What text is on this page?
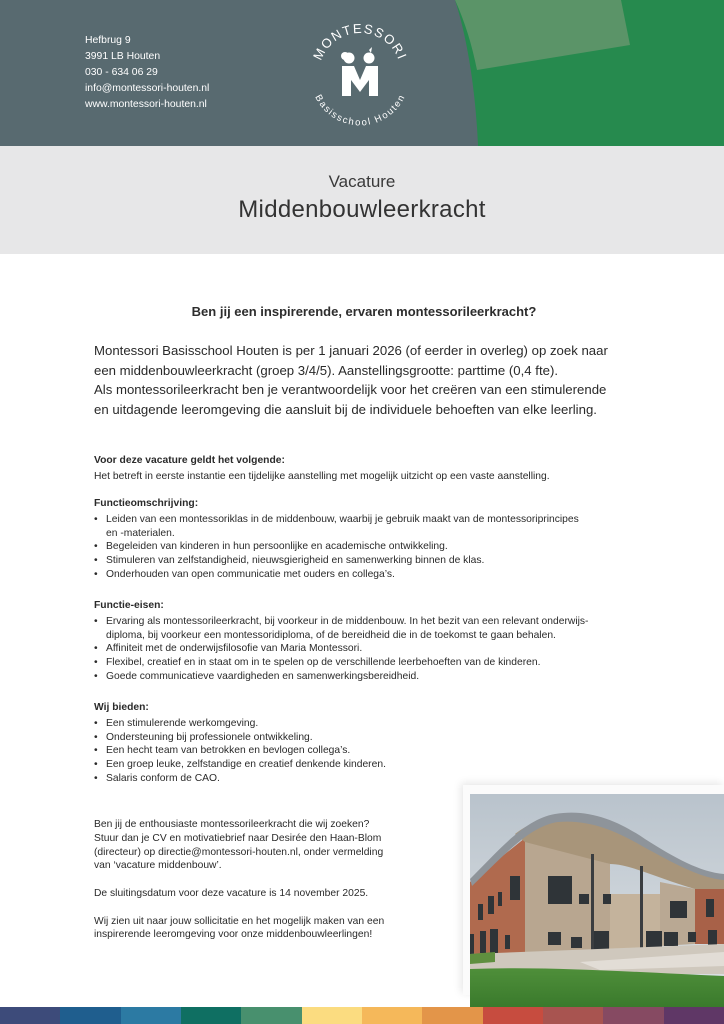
Hefbrug 9
3991 LB Houten
030 - 634 06 29
info@montessori-houten.nl
www.montessori-houten.nl
MONTESSORI
Basisschool Houten
Vacature
Middenbouwleerkracht
Ben jij een inspirerende, ervaren montessorileerkracht?
Montessori Basisschool Houten is per 1 januari 2026 (of eerder in overleg) op zoek naar
een middenbouwleerkracht (groep 3/4/5). Aanstellingsgrootte: parttime (0,4 fte).
Als montessorileerkracht ben je verantwoordelijk voor het creëren van een stimulerende
en uitdagende leeromgeving die aansluit bij de individuele behoeften van elke leerling.
Voor deze vacature geldt het volgende:

Het betreft in eerste instantie een tijdelijke aanstelling met mogelijk uitzicht op een vaste aanstelling.

Functieomschrijving:
• Leiden van een montessoriklas in de middenbouw, waarbij je gebruik maakt van de montessoriprincipes
en -materialen.
• Begeleiden van kinderen in hun persoonlijke en academische ontwikkeling.
• Stimuleren van zelfstandigheid, nieuwsgierigheid en samenwerking binnen de klas.
• Onderhouden van open communicatie met ouders en collega’s.
Functie-eisen:
• Ervaring als montessorileerkracht, bij voorkeur in de middenbouw. In het bezit van een relevant onderwijs-
diploma, bij voorkeur een montessoridiploma, of de bereidheid die in de toekomst te gaan behalen.
• Affiniteit met de onderwijsfilosofie van Maria Montessori.
• Flexibel, creatief en in staat om in te spelen op de verschillende leerbehoeften van de kinderen.
• Goede communicatieve vaardigheden en samenwerkingsbereidheid.
Wij bieden:
• Een stimulerende werkomgeving.
• Ondersteuning bij professionele ontwikkeling.
• Een hecht team van betrokken en bevlogen collega’s.
• Een groep leuke, zelfstandige en creatief denkende kinderen.
• Salaris conform de CAO.

Ben jij de enthousiaste montessorileerkracht die wij zoeken?
Stuur dan je CV en motivatiebrief naar Desirée den Haan-Blom
(directeur) op directie@montessori-houten.nl, onder vermelding
van ‘vacature middenbouw’.

De sluitingsdatum voor deze vacature is 14 november 2025.

Wij zien uit naar jouw sollicitatie en het mogelijk maken van een
inspirerende leeromgeving voor onze middenbouwleerlingen!
